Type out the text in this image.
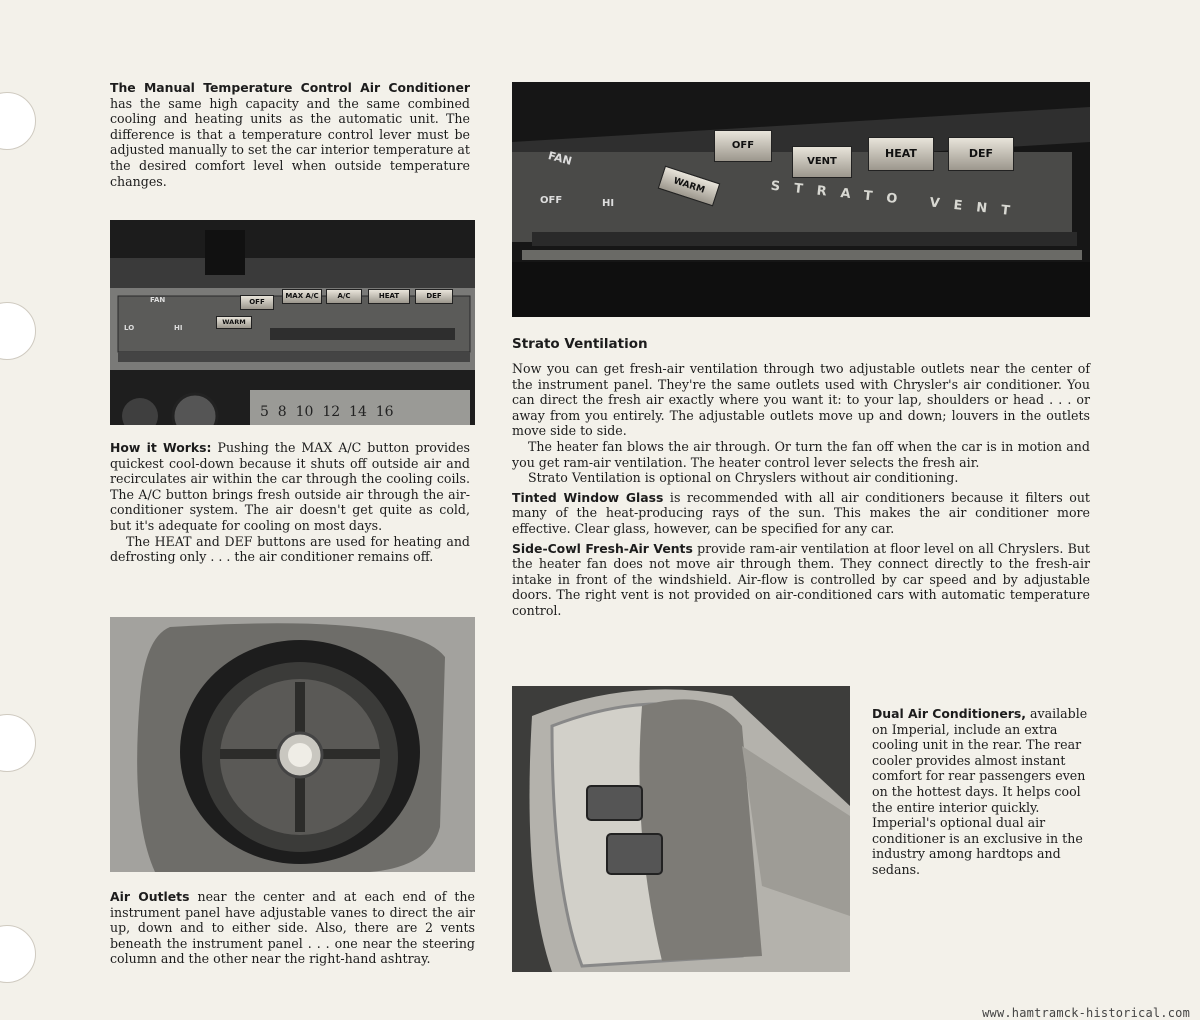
The Manual Temperature Control Air Conditioner has the same high capacity and the same combined cooling and heating units as the automatic unit. The difference is that a temperature control lever must be adjusted manually to set the car interior temperature at the desired comfort level when outside temperature changes.

FAN
LO	HI
WARM
OFF
MAX A/C	A/C	HEAT	DEF
5  8  10  12  14  16

How it Works: Pushing the MAX A/C button provides quickest cool-down because it shuts off outside air and recirculates air within the car through the cooling coils. The A/C button brings fresh outside air through the air-conditioner system. The air doesn't get quite as cold, but it's adequate for cooling on most days.

The HEAT and DEF buttons are used for heating and defrosting only . . . the air conditioner remains off.

Air Outlets near the center and at each end of the instrument panel have adjustable vanes to direct the air up, down and to either side. Also, there are 2 vents beneath the instrument panel . . . one near the steering column and the other near the right-hand ashtray.

FAN
OFF	HI
WARM
OFF
VENT
HEAT	DEF
STRATO VENT
Strato Ventilation

Now you can get fresh-air ventilation through two adjustable outlets near the center of the instrument panel. They're the same outlets used with Chrysler's air conditioner. You can direct the fresh air exactly where you want it: to your lap, shoulders or head . . . or away from you entirely. The adjustable outlets move up and down; louvers in the outlets move side to side.

The heater fan blows the air through. Or turn the fan off when the car is in motion and you get ram-air ventilation. The heater control lever selects the fresh air.

Strato Ventilation is optional on Chryslers without air conditioning.

Tinted Window Glass is recommended with all air conditioners because it filters out many of the heat-producing rays of the sun. This makes the air conditioner more effective. Clear glass, however, can be specified for any car.

Side-Cowl Fresh-Air Vents provide ram-air ventilation at floor level on all Chryslers. But the heater fan does not move air through them. They connect directly to the fresh-air intake in front of the windshield. Air-flow is controlled by car speed and by adjustable doors. The right vent is not provided on air-conditioned cars with automatic temperature control.

Dual Air Conditioners, available on Imperial, include an extra cooling unit in the rear. The rear cooler provides almost instant comfort for rear passengers even on the hottest days. It helps cool the entire interior quickly. Imperial's optional dual air conditioner is an exclusive in the industry among hardtops and sedans.

www.hamtramck-historical.com
